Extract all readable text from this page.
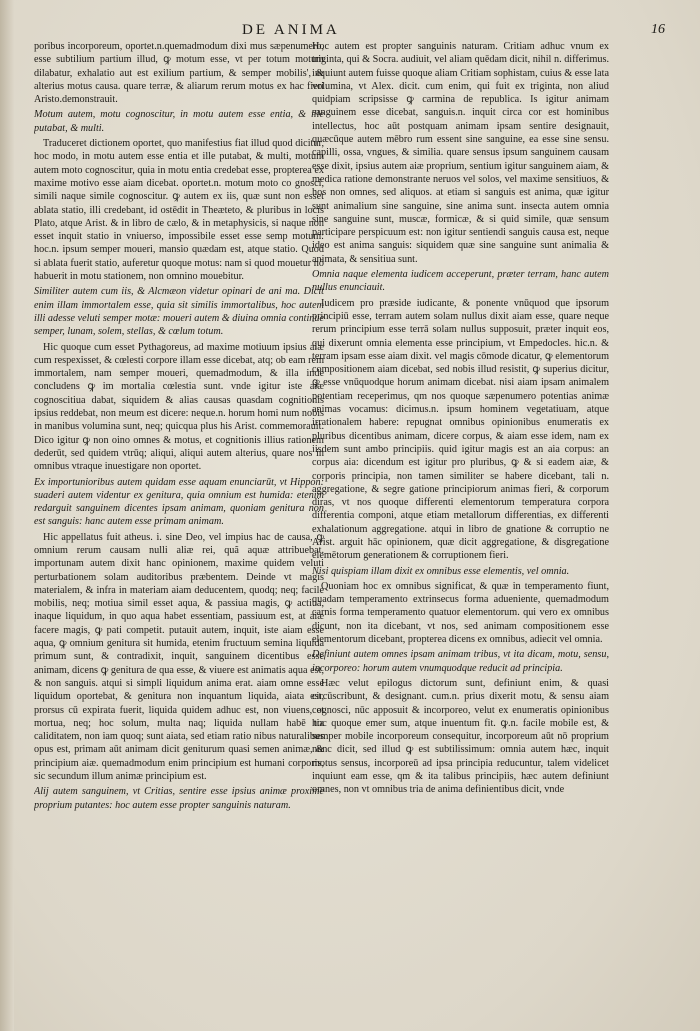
DE ANIMA	16

poribus incorporeum, oportet.n.quemadmodum dixi mus sæpenumero, esse subtilium partium illud, ꝙ motum esse, vt per totum motum dilabatur, exhalatio aut est exilium partium, & semper mobilis', & alterius motus causa. quare terræ, & aliarum rerum motus ex hac fieri Aristo.demonstrauit.

Motum autem, motu cognoscitur, in motu autem esse entia, & ille putabat, & multi.

Traduceret dictionem oportet, quo manifestius fiat illud quod dicitur, hoc modo, in motu autem esse entia et ille putabat, & multi, motum autem moto cognoscitur, quia in motu entia credebat esse, propterea ex maxime motivo esse aiam dicebat. oportet.n. motum moto co gnosci, simili naque simile cognoscitur. ꝙ autem ex iis, quæ sunt non esset ablata statio, illi credebant, id ostēdit in Theæteto, & pluribus in locis Plato, atque Arist. & in libro de cælo, & in metaphysicis, si naque non esset inquit statio in vniuerso, impossibile esset esse semp motum: hoc.n. ipsum semper moueri, mansio quædam est, atque statio. Quod si ablata fuerit statio, auferetur quoque motus: nam si quod mouetur nō habuerit in motu stationem, non omnino mouebitur.

Similiter autem cum iis, & Alcmæon videtur opinari de ani ma. Dicit enim illam immortalem esse, quia sit similis immortalibus, hoc autem illi adesse veluti semper motæ: moueri autem & diuina omnia continue semper, lunam, solem, stellas, & cœlum totum.

Hic quoque cum esset Pythagoreus, ad maxime motiuum ipsius aiæ cum respexisset, & cœlesti corpore illam esse dicebat, atq; ob eam rem immortalem, nam semper moueri, quemadmodum, & illa inde concludens ꝙ im mortalia cœlestia sunt. vnde igitur iste aiæ cognoscitiua dabat, siquidem & alias causas quasdam cognitionis ipsius reddebat, non meum est dicere: neque.n. horum homi num nobis in manibus volumina sunt, neq; quicqua plus his Arist. commemorauit. Dico igitur ꝙ non oino omnes & motus, et cognitionis illius rationem dederūt, sed quidem vtrūq; aliqui, aliqui autem alterius, quare nos in omnibus vtraque inuestigare non oportet.

Ex importunioribus autem quidam esse aquam enunciarūt, vt Hippon: suaderi autem videntur ex genitura, quia omnium est humida: etenim redarguit sanguinem dicentes ipsam animam, quoniam genitura non est sanguis: hanc autem esse primam animam.

Hic appellatus fuit atheus. i. sine Deo, vel impius hac de causa, ꝙ omnium rerum causam nulli aliæ rei, quã aquæ attribuebat. importunam autem dixit hanc opinionem, maxime quidem veluti perturbationem solam auditoribus præbentem. Deinde vt magis materialem, & infra in materiam aiam deducentem, quodq; neq; facile mobilis, neq; motiua simil esset aqua, & passiua magis, ꝙ actiua, inaque liquidum, in quo aqua habet essentiam, passiuum est, at aiæ facere magis, ꝙ pati competit. putauit autem, inquit, iste aiam esse aqua, ꝙ omnium genitura sit humida, etenim fructuum semina liquida primum sunt, & contradixit, inquit, sanguinem dicentibus esse animam, dicens ꝙ genitura de qua esse, & viuere est animatis aqua est, & non sanguis. atqui si simpli liquidum anima erat. aiam omne esse liquidum oportebat, & genitura non inquantum liquida, aiata est, prorsus cū expirata fuerit, liquida quidem adhuc est, non viuens, et mortua, neq; hoc solum, multa naq; liquida nullam habē tia caliditatem, non iam quoq; sunt aiata, sed etiam ratio nibus naturalibus opus est, primam aūt animam dicit geniturum quasi semen animæ, & principium aiæ. quemadmodum enim principium est humani corporis, sic secundum illum animæ principium est.

Alij autem sanguinem, vt Critias, sentire esse ipsius animæ proxime proprium putantes: hoc autem esse propter sanguinis naturam.

Hoc autem est propter sanguinis naturam. Critiam adhuc vnum ex triginta, qui & Socra. audiuit, vel aliam quēdam dicit, nihil n. differimus. inquiunt autem fuisse quoque aliam Critiam sophistam, cuius & esse lata volumina, vt Alex. dicit. cum enim, qui fuit ex triginta, non aliud quidpiam scripsisse ꝙ carmina de republica. Is igitur animam sanguinem esse dicebat, sanguis.n. inquit circa cor est hominibus intellectus, hoc aūt postquam animam ipsam sentire designauit, quæcūque autem mēbro rum essent sine sanguine, ea esse sine sensu. capilli, ossa, vngues, & similia. quare sensus ipsum sanguinem causam esse dixit, ipsius autem aiæ proprium, sentium igitur sanguinem aiam, & medica ratione demonstrante neruos vel solos, vel maxime sensitiuos, & hos non omnes, sed aliquos. at etiam si sanguis est anima, quæ igitur sunt animalium sine sanguine, sine anima sunt. insecta autem omnia sine sanguine sunt, muscæ, formicæ, & si quid simile, quæ sensum participare perspicuum est: non igitur sentiendi sanguis causa est, neque ideo est anima sanguis: siquidem quæ sine sanguine sunt animalia & animata, & sensitiua sunt.

Omnia naque elementa iudicem acceperunt, præter terram, hanc autem nullus enunciauit.

Iudicem pro præside iudicante, & ponente vnūquod que ipsorum principiū esse, terram autem solam nullus dixit aiam esse, quare neque rerum principium esse terrā solam nullus supposuit, præter inquit eos, qui dixerunt omnia elementa esse principium, vt Empedocles. hic.n. & terram ipsam esse aiam dixit. vel magis cōmode dicatur, ꝙ elementorum compositionem aiam dicebat, sed nobis illud resistit, ꝙ superius dicitur, ꝙ esse vnūquodque horum animam dicebat. nisi aiam ipsam animalem potentiam receperimus, qm nos quoque sæpenumero potentias animæ animas vocamus: dicimus.n. ipsum hominem vegetatiuam, atque irrationalem habere: repugnat omnibus opinionibus enumeratis ex pluribus dicentibus animam, dicere corpus, & aiam esse idem, nam ex iisdem sunt ambo principiis. quid igitur magis est an aia corpus: an corpus aia: dicendum est igitur pro pluribus, ꝙ & si eadem aiæ, & corporis principia, non tamen similiter se habere dicebant, tali n. aggregatione, & segre gatione principiorum animas fieri, & corporum diras, vt nos quoque differenti elementorum temperatura corpora differentia componi, atque etiam metallorum differentias, ex differenti exhalationum aggregatione. atqui in libro de gnatione & corruptio ne Arist. arguit hāc opinionem, quæ dicit aggregatione, & disgregatione elemētorum generationem & corruptionem fieri.

Nisi quispiam illam dixit ex omnibus esse elementis, vel omnia.

Quoniam hoc ex omnibus significat, & quæ in temperamento fiunt, quadam temperamento extrinsecus forma adueniente, quemadmodum carnis forma temperamento quatuor elementorum. qui vero ex omnibus dicunt, non ita dicebant, vt nos, sed animam compositionem esse elementorum dicebant, propterea dicens ex omnibus, adiecit vel omnia.

Definiunt autem omnes ipsam animam tribus, vt ita dicam, motu, sensu, incorporeo: horum autem vnumquodque reducit ad principia.

Hæc velut epilogus dictorum sunt, definiunt enim, & quasi circūscribunt, & designant. cum.n. prius dixerit motu, & sensu aiam cognosci, nūc apposuit & incorporeo, velut ex enumeratis opinionibus hoc quoque emer sum, atque inuentum fit. ꝙ.n. facile mobile est, & semper mobile incorporeum consequitur, incorporeum aūt nō proprium nunc dicit, sed illud ꝙ est subtilissimum: omnia autem hæc, inquit motus sensus, incorporeū ad ipsa principia reducuntur, talem videlicet inquiunt eam esse, qm & ita talibus principiis, hæc autem definiunt omnes, non vt omnibus tria de anima definientibus dicit, vnde
